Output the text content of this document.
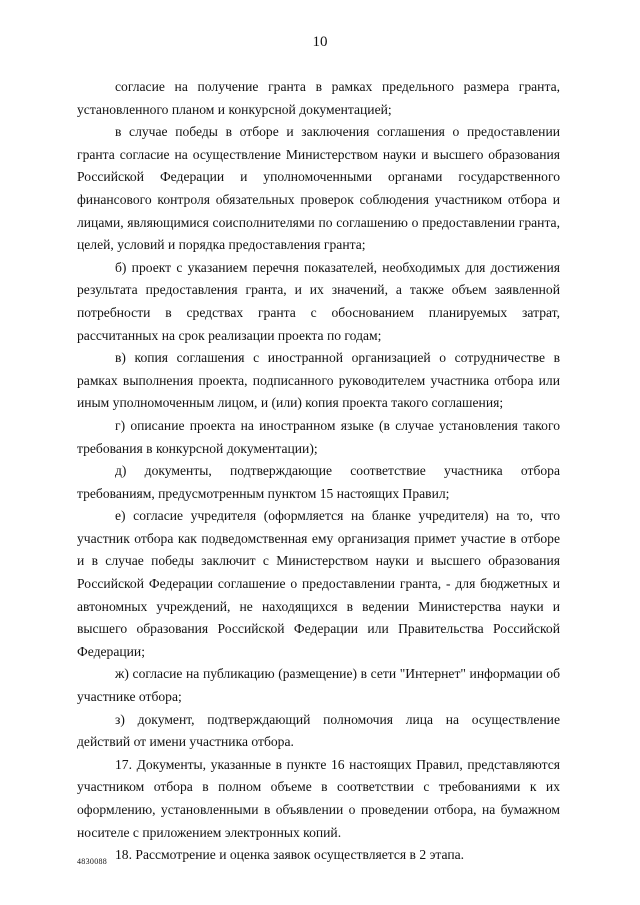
10

согласие на получение гранта в рамках предельного размера гранта, установленного планом и конкурсной документацией;

в случае победы в отборе и заключения соглашения о предоставлении гранта согласие на осуществление Министерством науки и высшего образования Российской Федерации и уполномоченными органами государственного финансового контроля обязательных проверок соблюдения участником отбора и лицами, являющимися соисполнителями по соглашению о предоставлении гранта, целей, условий и порядка предоставления гранта;

б) проект с указанием перечня показателей, необходимых для достижения результата предоставления гранта, и их значений, а также объем заявленной потребности в средствах гранта с обоснованием планируемых затрат, рассчитанных на срок реализации проекта по годам;

в) копия соглашения с иностранной организацией о сотрудничестве в рамках выполнения проекта, подписанного руководителем участника отбора или иным уполномоченным лицом, и (или) копия проекта такого соглашения;

г) описание проекта на иностранном языке (в случае установления такого требования в конкурсной документации);

д) документы, подтверждающие соответствие участника отбора требованиям, предусмотренным пунктом 15 настоящих Правил;

е) согласие учредителя (оформляется на бланке учредителя) на то, что участник отбора как подведомственная ему организация примет участие в отборе и в случае победы заключит с Министерством науки и высшего образования Российской Федерации соглашение о предоставлении гранта, - для бюджетных и автономных учреждений, не находящихся в ведении Министерства науки и высшего образования Российской Федерации или Правительства Российской Федерации;

ж) согласие на публикацию (размещение) в сети "Интернет" информации об участнике отбора;

з) документ, подтверждающий полномочия лица на осуществление действий от имени участника отбора.

17. Документы, указанные в пункте 16 настоящих Правил, представляются участником отбора в полном объеме в соответствии с требованиями к их оформлению, установленными в объявлении о проведении отбора, на бумажном носителе с приложением электронных копий.

18. Рассмотрение и оценка заявок осуществляется в 2 этапа.

4830088
